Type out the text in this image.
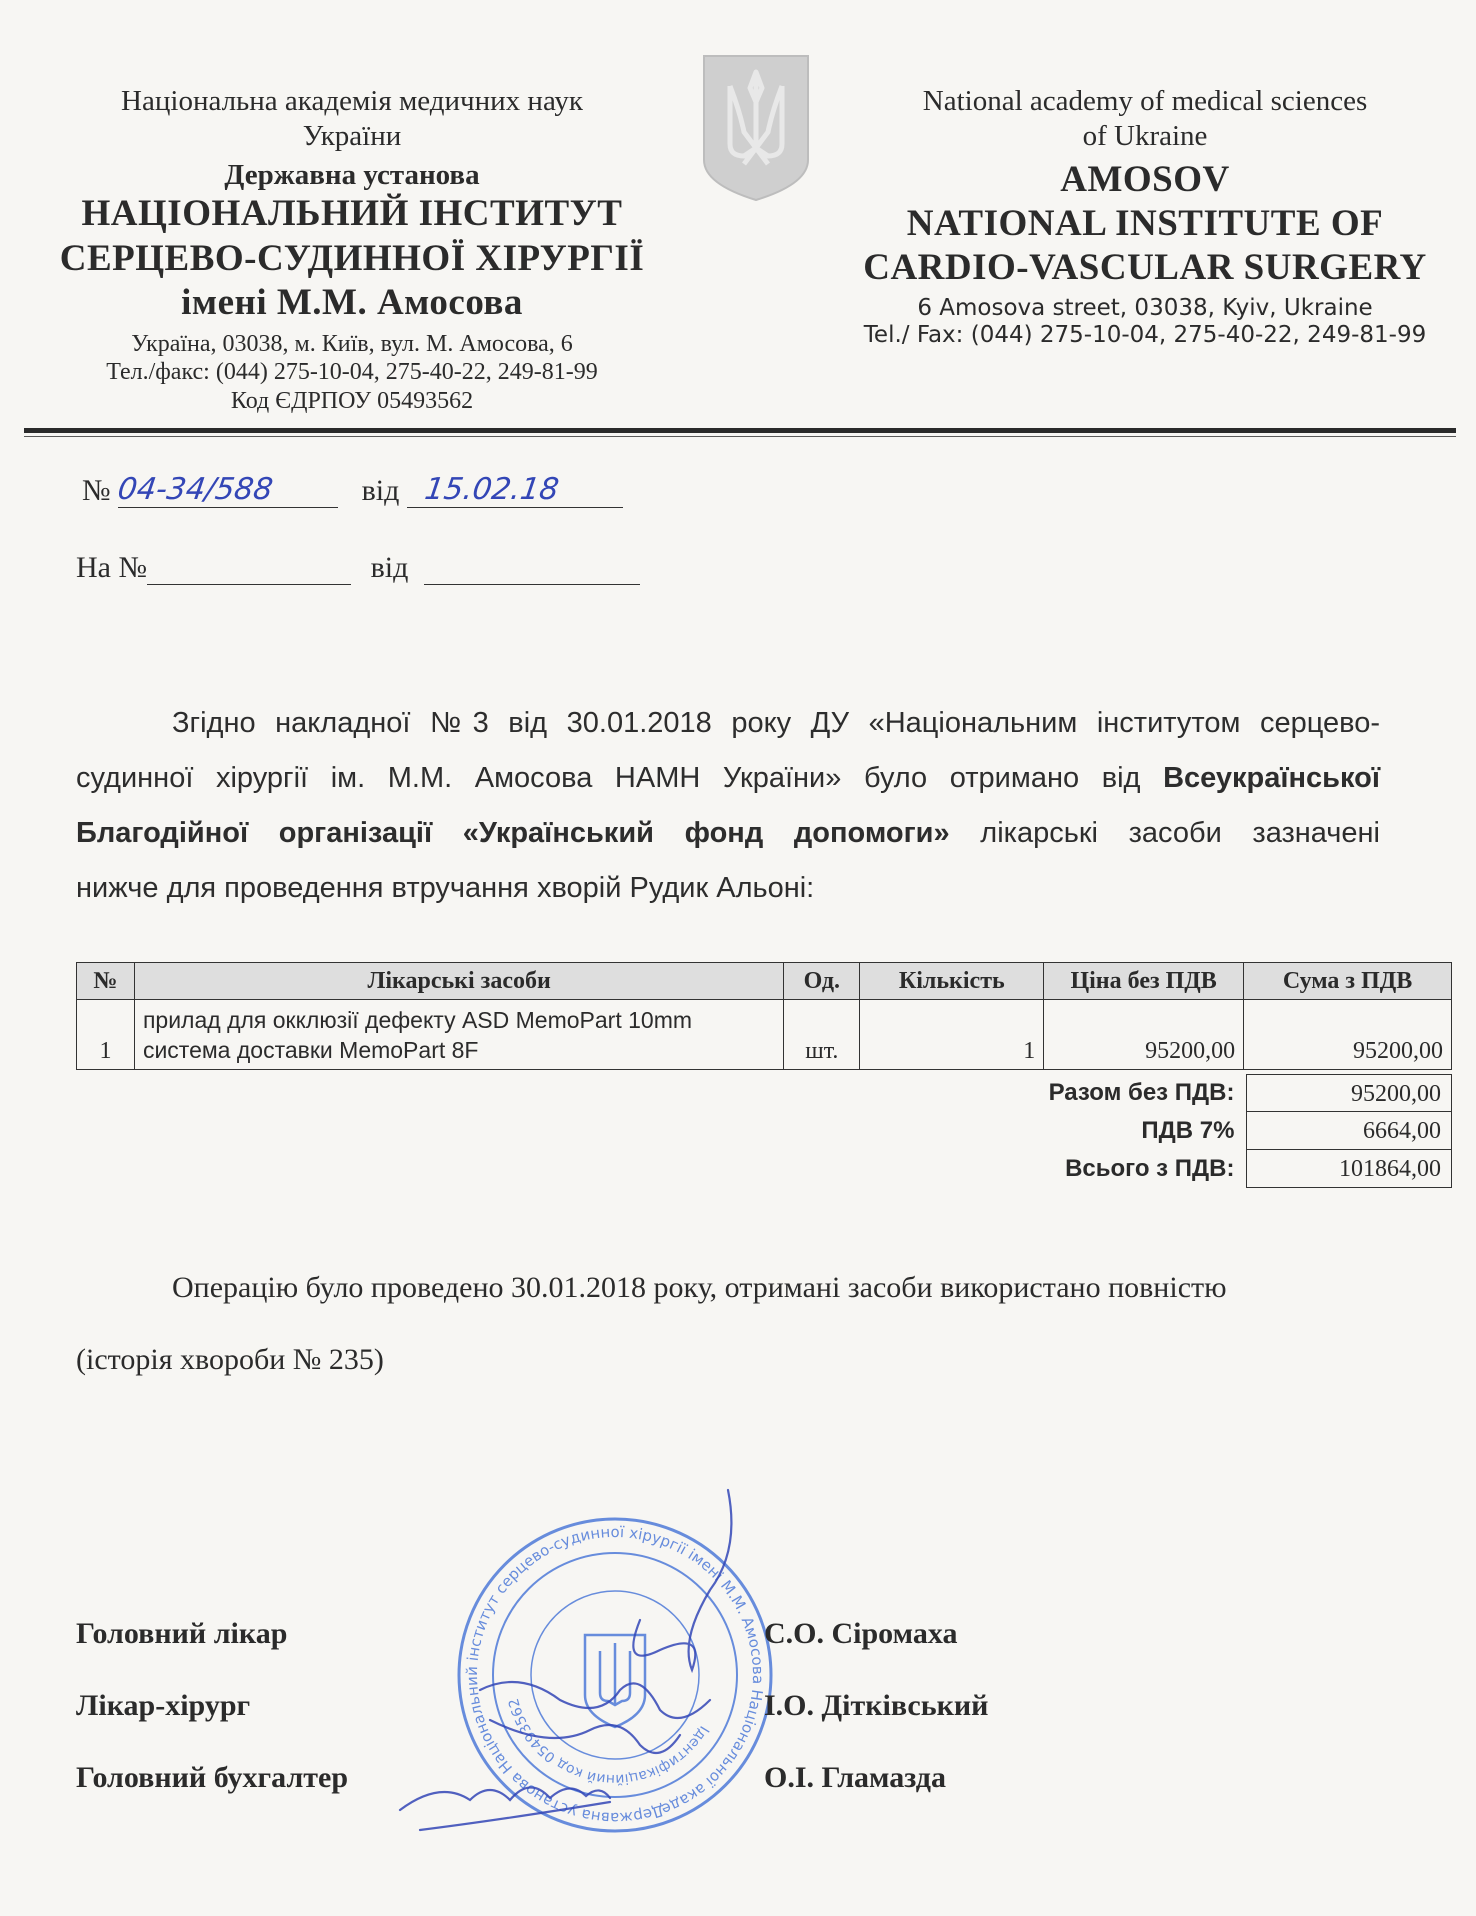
Національна академія медичних наук
України
Державна установа
НАЦІОНАЛЬНИЙ ІНСТИТУТ
СЕРЦЕВО-СУДИННОЇ ХІРУРГІЇ
імені М.М. Амосова
Україна, 03038, м. Київ, вул. М. Амосова, 6
Тел./факс: (044) 275-10-04, 275-40-22, 249-81-99
Код ЄДРПОУ 05493562
National academy of medical sciences
of Ukraine
AMOSOV
NATIONAL INSTITUTE OF
CARDIO-VASCULAR SURGERY
6 Amosova street, 03038, Kyiv, Ukraine
Tel./ Fax: (044) 275-10-04, 275-40-22, 249-81-99
№ 04-34/588	від 15.02.18
На №	від
Згідно накладної №3 від 30.01.2018 року ДУ «Національним інститутом серцево-
судинної хірургії ім. М.М. Амосова НАМН України» було отримано від Всеукраїнської
Благодійної організації «Український фонд допомоги» лікарські засоби зазначені
нижче для проведення втручання хворій Рудик Альоні:
№	Лікарські засоби	Од.	Кількість	Ціна без ПДВ	Сума з ПДВ
1	прилад для окклюзії дефекту ASD MemoPart 10mm
система доставки MemoPart 8F	шт.	1	95200,00	95200,00
Разом без ПДВ:	95200,00
ПДВ 7%	6664,00
Всього з ПДВ:	101864,00
Операцію було проведено 30.01.2018 року, отримані засоби використано повністю
(історія хвороби № 235)
Державна установа Національний інститут серцево-судинної хірургії імені М.М. Амосова Національної академії
Ідентифікаційний код 05493562
Головний лікар	С.О. Сіромаха
Лікар-хірург	І.О. Дітківський
Головний бухгалтер	О.І. Гламазда
